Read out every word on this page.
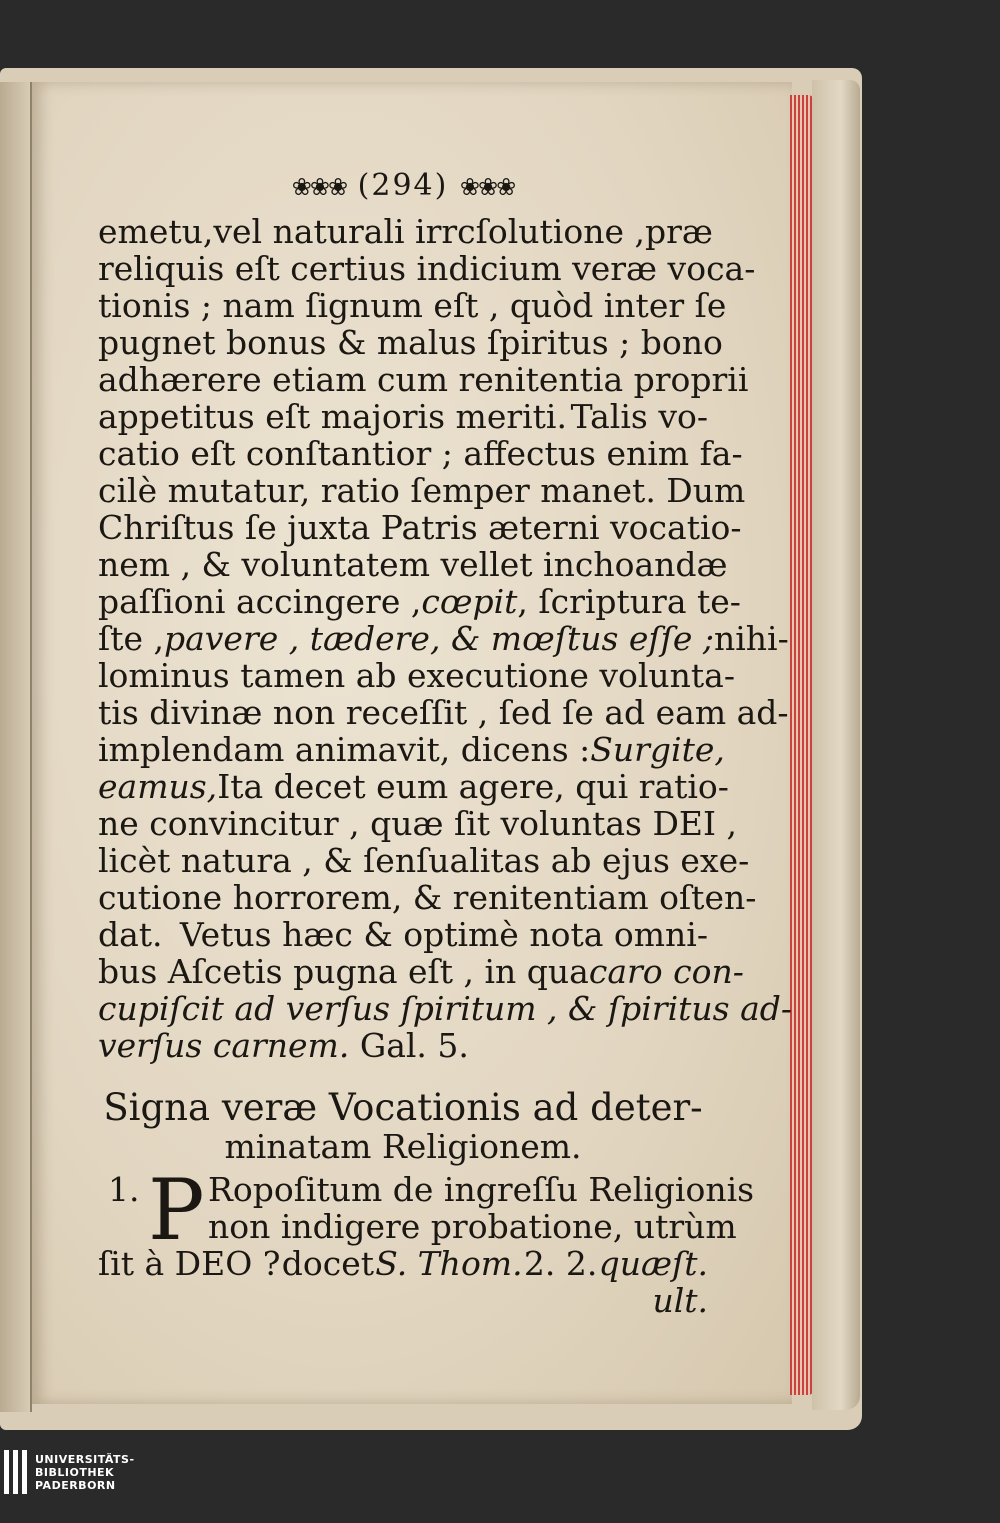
❀❀❀ (294) ❀❀❀
emetu,vel naturali irrcſolutione , præ
reliquis eſt certius indicium veræ voca-
tionis ; nam ſignum eſt , quòd inter ſe
pugnet bonus & malus ſpiritus ; bono
adhærere etiam cum renitentia proprii
appetitus eſt majoris meriti. Talis vo-
catio eſt conſtantior ; affectus enim fa-
cilè mutatur, ratio ſemper manet. Dum
Chriſtus ſe juxta Patris æterni vocatio-
nem , & voluntatem vellet inchoandæ
paſſioni accingere , cœpit , ſcriptura te-
ſte , pavere , tædere, & mœſtus eſſe ; nihi-
lominus tamen ab executione volunta-
tis divinæ non receſſit , ſed ſe ad eam ad-
implendam animavit, dicens : Surgite,
eamus, Ita decet eum agere, qui ratio-
ne convincitur , quæ ſit voluntas DEI ,
licèt natura , & ſenſualitas ab ejus exe-
cutione horrorem, & renitentiam oſten-
dat. Vetus hæc & optimè nota omni-
bus Aſcetis pugna eſt , in qua caro con-
cupiſcit ad verſus ſpiritum , & ſpiritus ad-
verſus carnem.
Gal. 5.
Signa veræ Vocationis ad deter-
minatam Religionem.
1. P Ropoſitum de ingreſſu Religionis
non indigere probatione, utrùm
ſit à DEO ? docet S. Thom. 2. 2. quæſt.
ult.
UNIVERSITÄTS-
BIBLIOTHEK
PADERBORN
